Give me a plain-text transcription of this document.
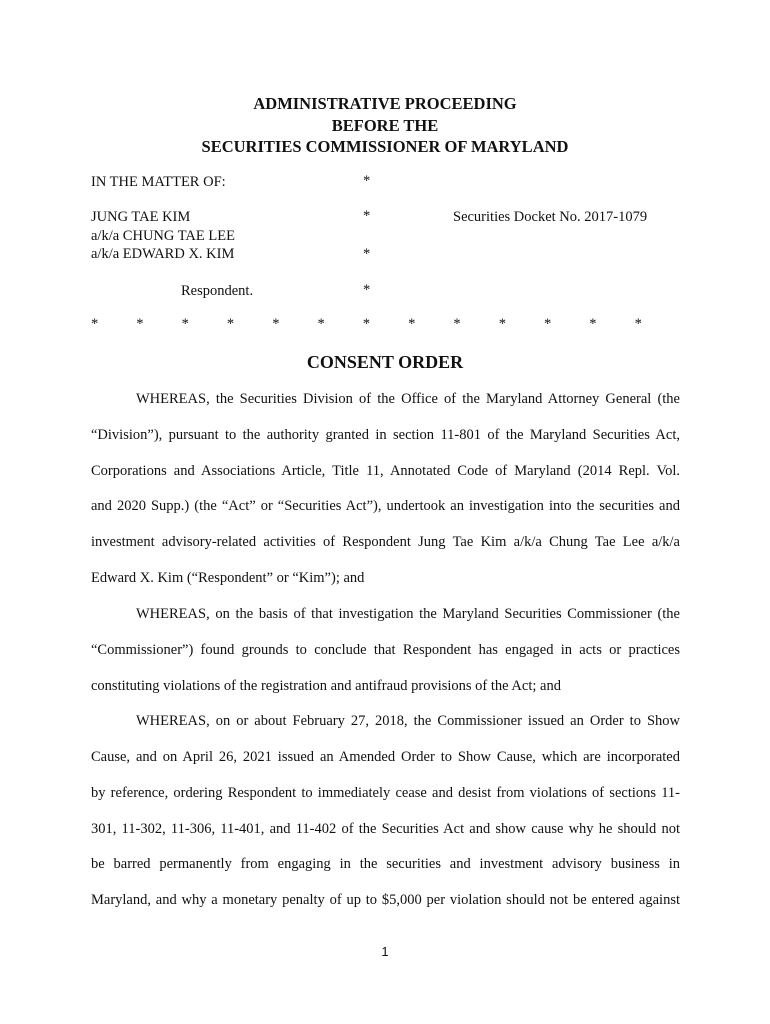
ADMINISTRATIVE PROCEEDING
BEFORE THE
SECURITIES COMMISSIONER OF MARYLAND
IN THE MATTER OF:	*
JUNG TAE KIM	*	Securities Docket No. 2017-1079
a/k/a CHUNG TAE LEE
a/k/a EDWARD X. KIM	*
Respondent.	*
*	*	*	*	*	*	*	*	*	*	*	*	*
CONSENT ORDER
WHEREAS, the Securities Division of the Office of the Maryland Attorney General (the
“Division”), pursuant to the authority granted in section 11-801 of the Maryland Securities Act,
Corporations and Associations Article, Title 11, Annotated Code of Maryland (2014 Repl. Vol.
and 2020 Supp.) (the “Act” or “Securities Act”), undertook an investigation into the securities and
investment advisory-related activities of Respondent Jung Tae Kim a/k/a Chung Tae Lee a/k/a
Edward X. Kim (“Respondent” or “Kim”); and
WHEREAS, on the basis of that investigation the Maryland Securities Commissioner (the
“Commissioner”) found grounds to conclude that Respondent has engaged in acts or practices
constituting violations of the registration and antifraud provisions of the Act; and
WHEREAS, on or about February 27, 2018, the Commissioner issued an Order to Show
Cause, and on April 26, 2021 issued an Amended Order to Show Cause, which are incorporated
by reference, ordering Respondent to immediately cease and desist from violations of sections 11-
301, 11-302, 11-306, 11-401, and 11-402 of the Securities Act and show cause why he should not
be barred permanently from engaging in the securities and investment advisory business in
Maryland, and why a monetary penalty of up to $5,000 per violation should not be entered against
1
